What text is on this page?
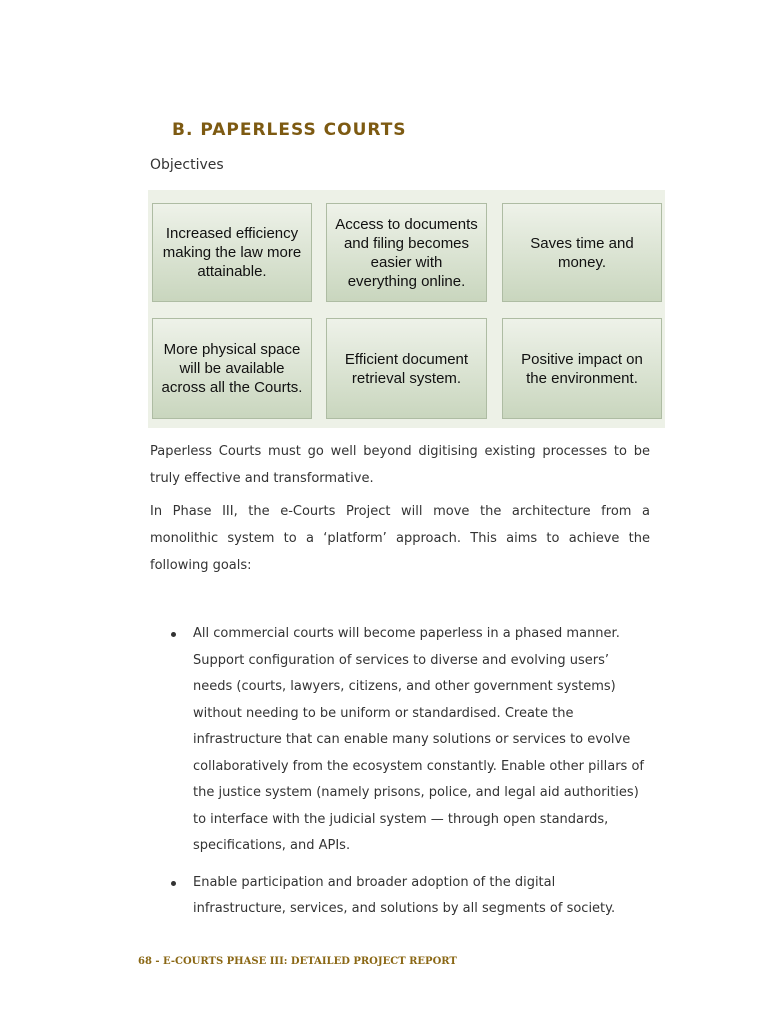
B. PAPERLESS COURTS

Objectives

Increased efficiency making the law more attainable.
Access to documents and filing becomes easier with everything online.
Saves time and money.
More physical space will be available across all the Courts.
Efficient document retrieval system.
Positive impact on the environment.

Paperless Courts must go well beyond digitising existing processes to be truly effective and transformative.

In Phase III, the e-Courts Project will move the architecture from a monolithic system to a ‘platform’ approach. This aims to achieve the following goals:

All commercial courts will become paperless in a phased manner. Support configuration of services to diverse and evolving users’ needs (courts, lawyers, citizens, and other government systems) without needing to be uniform or standardised. Create the infrastructure that can enable many solutions or services to evolve collaboratively from the ecosystem constantly. Enable other pillars of the justice system (namely prisons, police, and legal aid authorities) to interface with the judicial system — through open standards, specifications, and APIs.
Enable participation and broader adoption of the digital infrastructure, services, and solutions by all segments of society.

68 - E-COURTS PHASE III: DETAILED PROJECT REPORT
